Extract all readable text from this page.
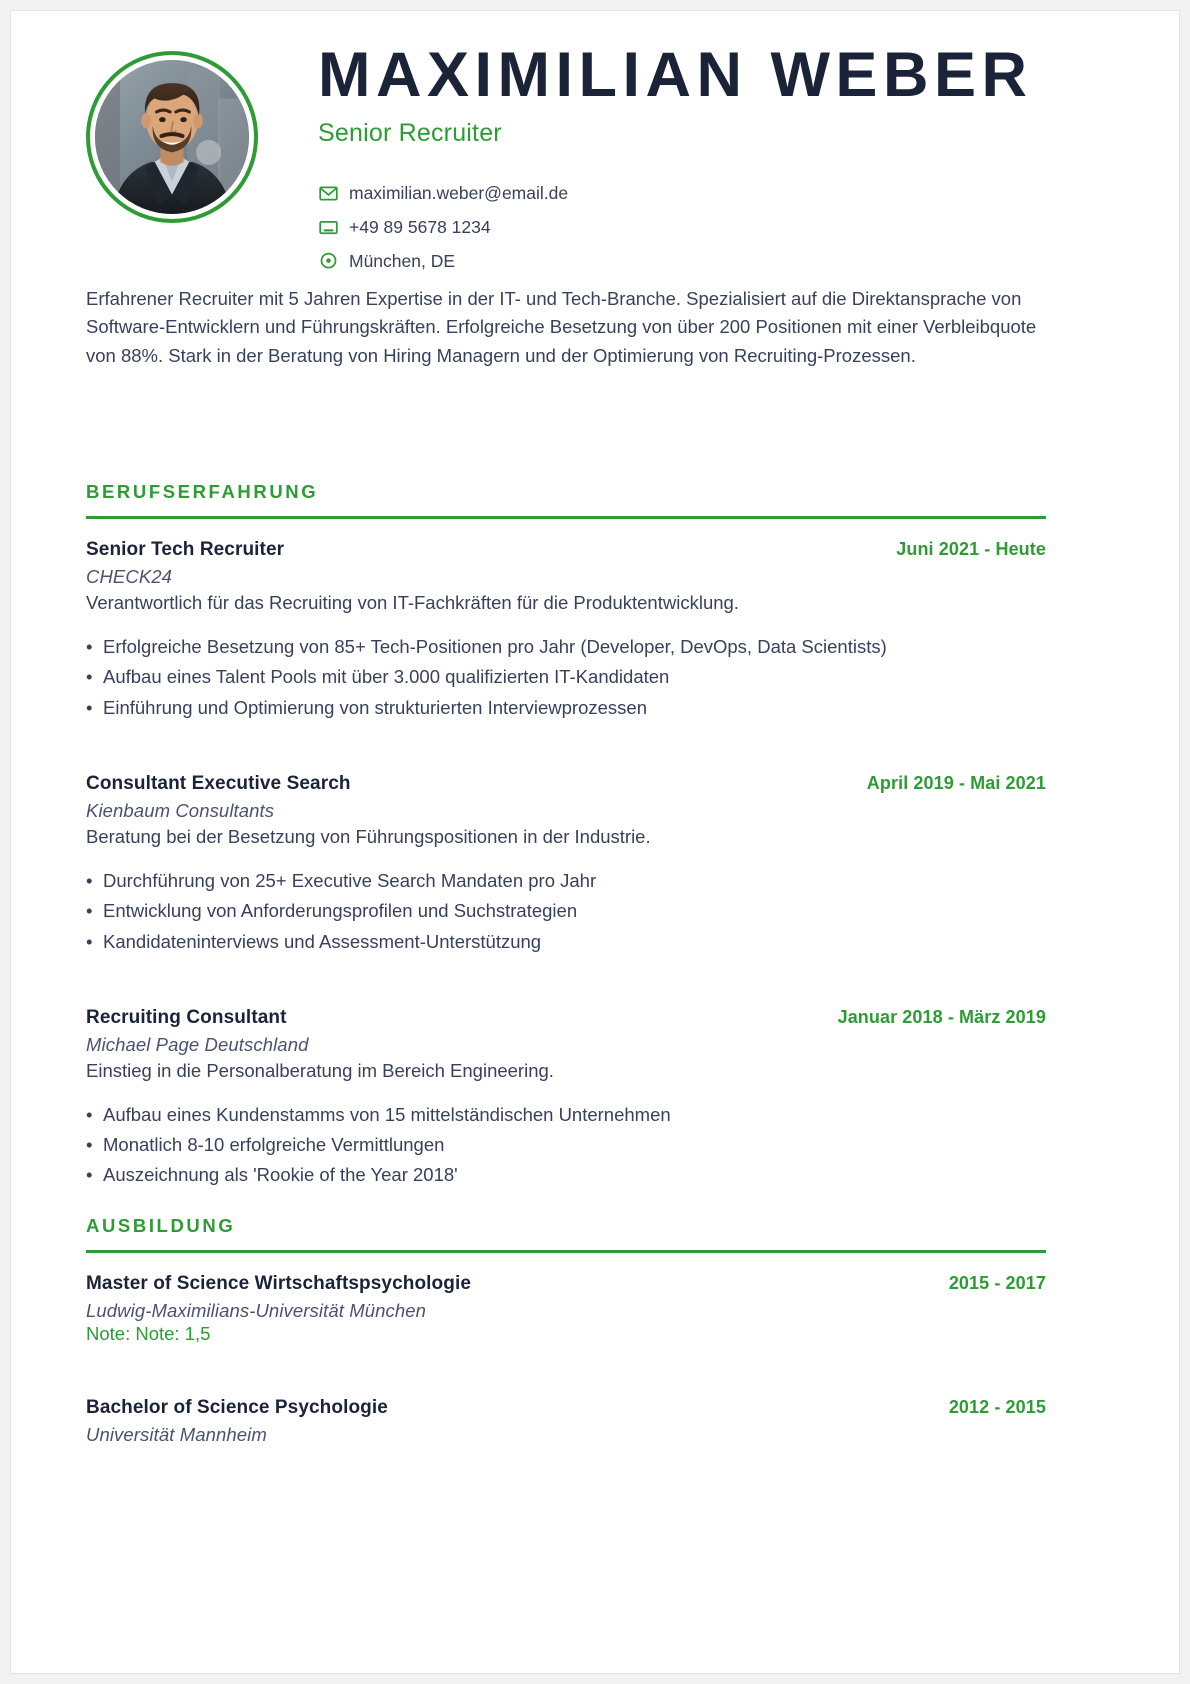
MAXIMILIAN WEBER
Senior Recruiter
maximilian.weber@email.de
+49 89 5678 1234
München, DE
Erfahrener Recruiter mit 5 Jahren Expertise in der IT- und Tech-Branche. Spezialisiert auf die Direktansprache von Software-Entwicklern und Führungskräften. Erfolgreiche Besetzung von über 200 Positionen mit einer Verbleibquote von 88%. Stark in der Beratung von Hiring Managern und der Optimierung von Recruiting-Prozessen.
BERUFSERFAHRUNG
Senior Tech Recruiter	Juni 2021 - Heute
CHECK24
Verantwortlich für das Recruiting von IT-Fachkräften für die Produktentwicklung.
• Erfolgreiche Besetzung von 85+ Tech-Positionen pro Jahr (Developer, DevOps, Data Scientists)
• Aufbau eines Talent Pools mit über 3.000 qualifizierten IT-Kandidaten
• Einführung und Optimierung von strukturierten Interviewprozessen
Consultant Executive Search	April 2019 - Mai 2021
Kienbaum Consultants
Beratung bei der Besetzung von Führungspositionen in der Industrie.
• Durchführung von 25+ Executive Search Mandaten pro Jahr
• Entwicklung von Anforderungsprofilen und Suchstrategien
• Kandidateninterviews und Assessment-Unterstützung
Recruiting Consultant	Januar 2018 - März 2019
Michael Page Deutschland
Einstieg in die Personalberatung im Bereich Engineering.
• Aufbau eines Kundenstamms von 15 mittelständischen Unternehmen
• Monatlich 8-10 erfolgreiche Vermittlungen
• Auszeichnung als 'Rookie of the Year 2018'
AUSBILDUNG
Master of Science Wirtschaftspsychologie	2015 - 2017
Ludwig-Maximilians-Universität München
Note: Note: 1,5
Bachelor of Science Psychologie	2012 - 2015
Universität Mannheim
